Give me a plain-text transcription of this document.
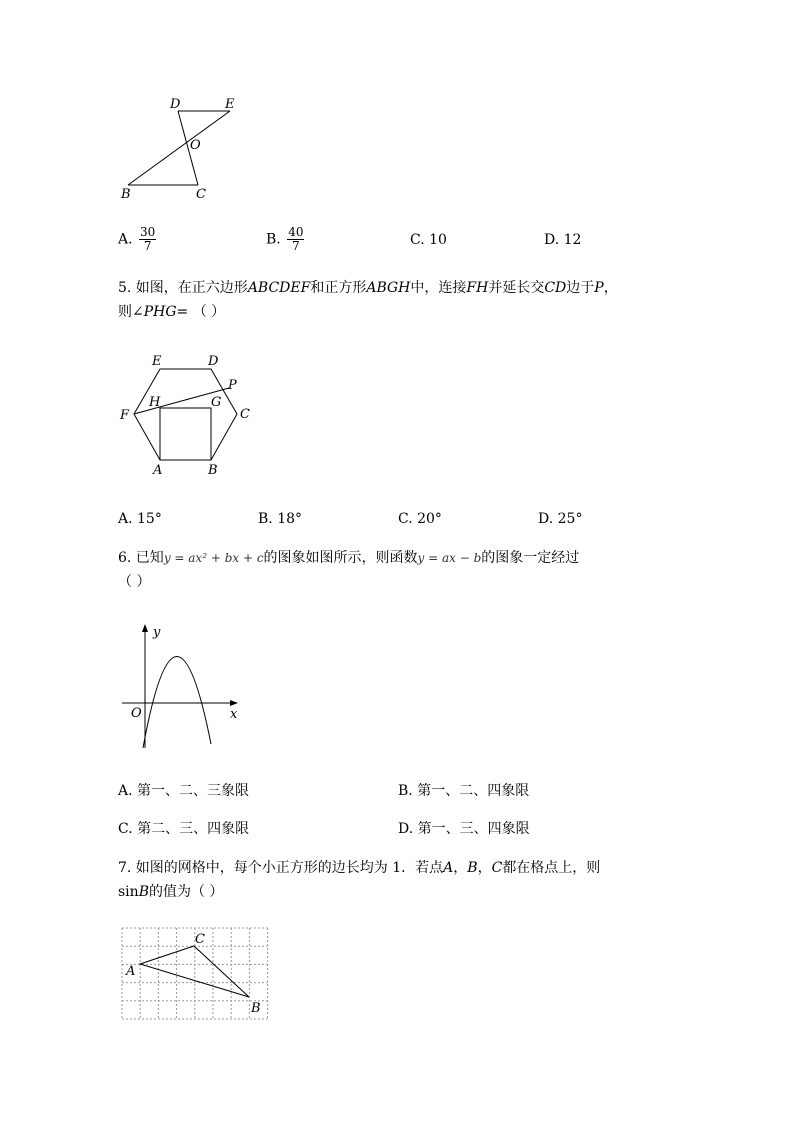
D	E
O
B	C
A. $\frac{30}{7}$	B. $\frac{40}{7}$	C. 10	D. 12
5. 如图，在正六边形ABCDEF和正方形ABGH中，连接FH并延长交CD边于P，
则∠PHG= （ ）
E	D
P
H	G
F	C
A	B
A. 15°	B. 18°	C. 20°	D. 25°
6. 已知y = ax² + bx + c的图象如图所示，则函数y = ax − b的图象一定经过
（ ）
y
x
O
A. 第一、二、三象限	B. 第一、二、四象限
C. 第二、三、四象限	D. 第一、三、四象限
7. 如图的网格中，每个小正方形的边长均为 1．若点A，B，C都在格点上，则
sinB的值为（ ）
A
C
B
